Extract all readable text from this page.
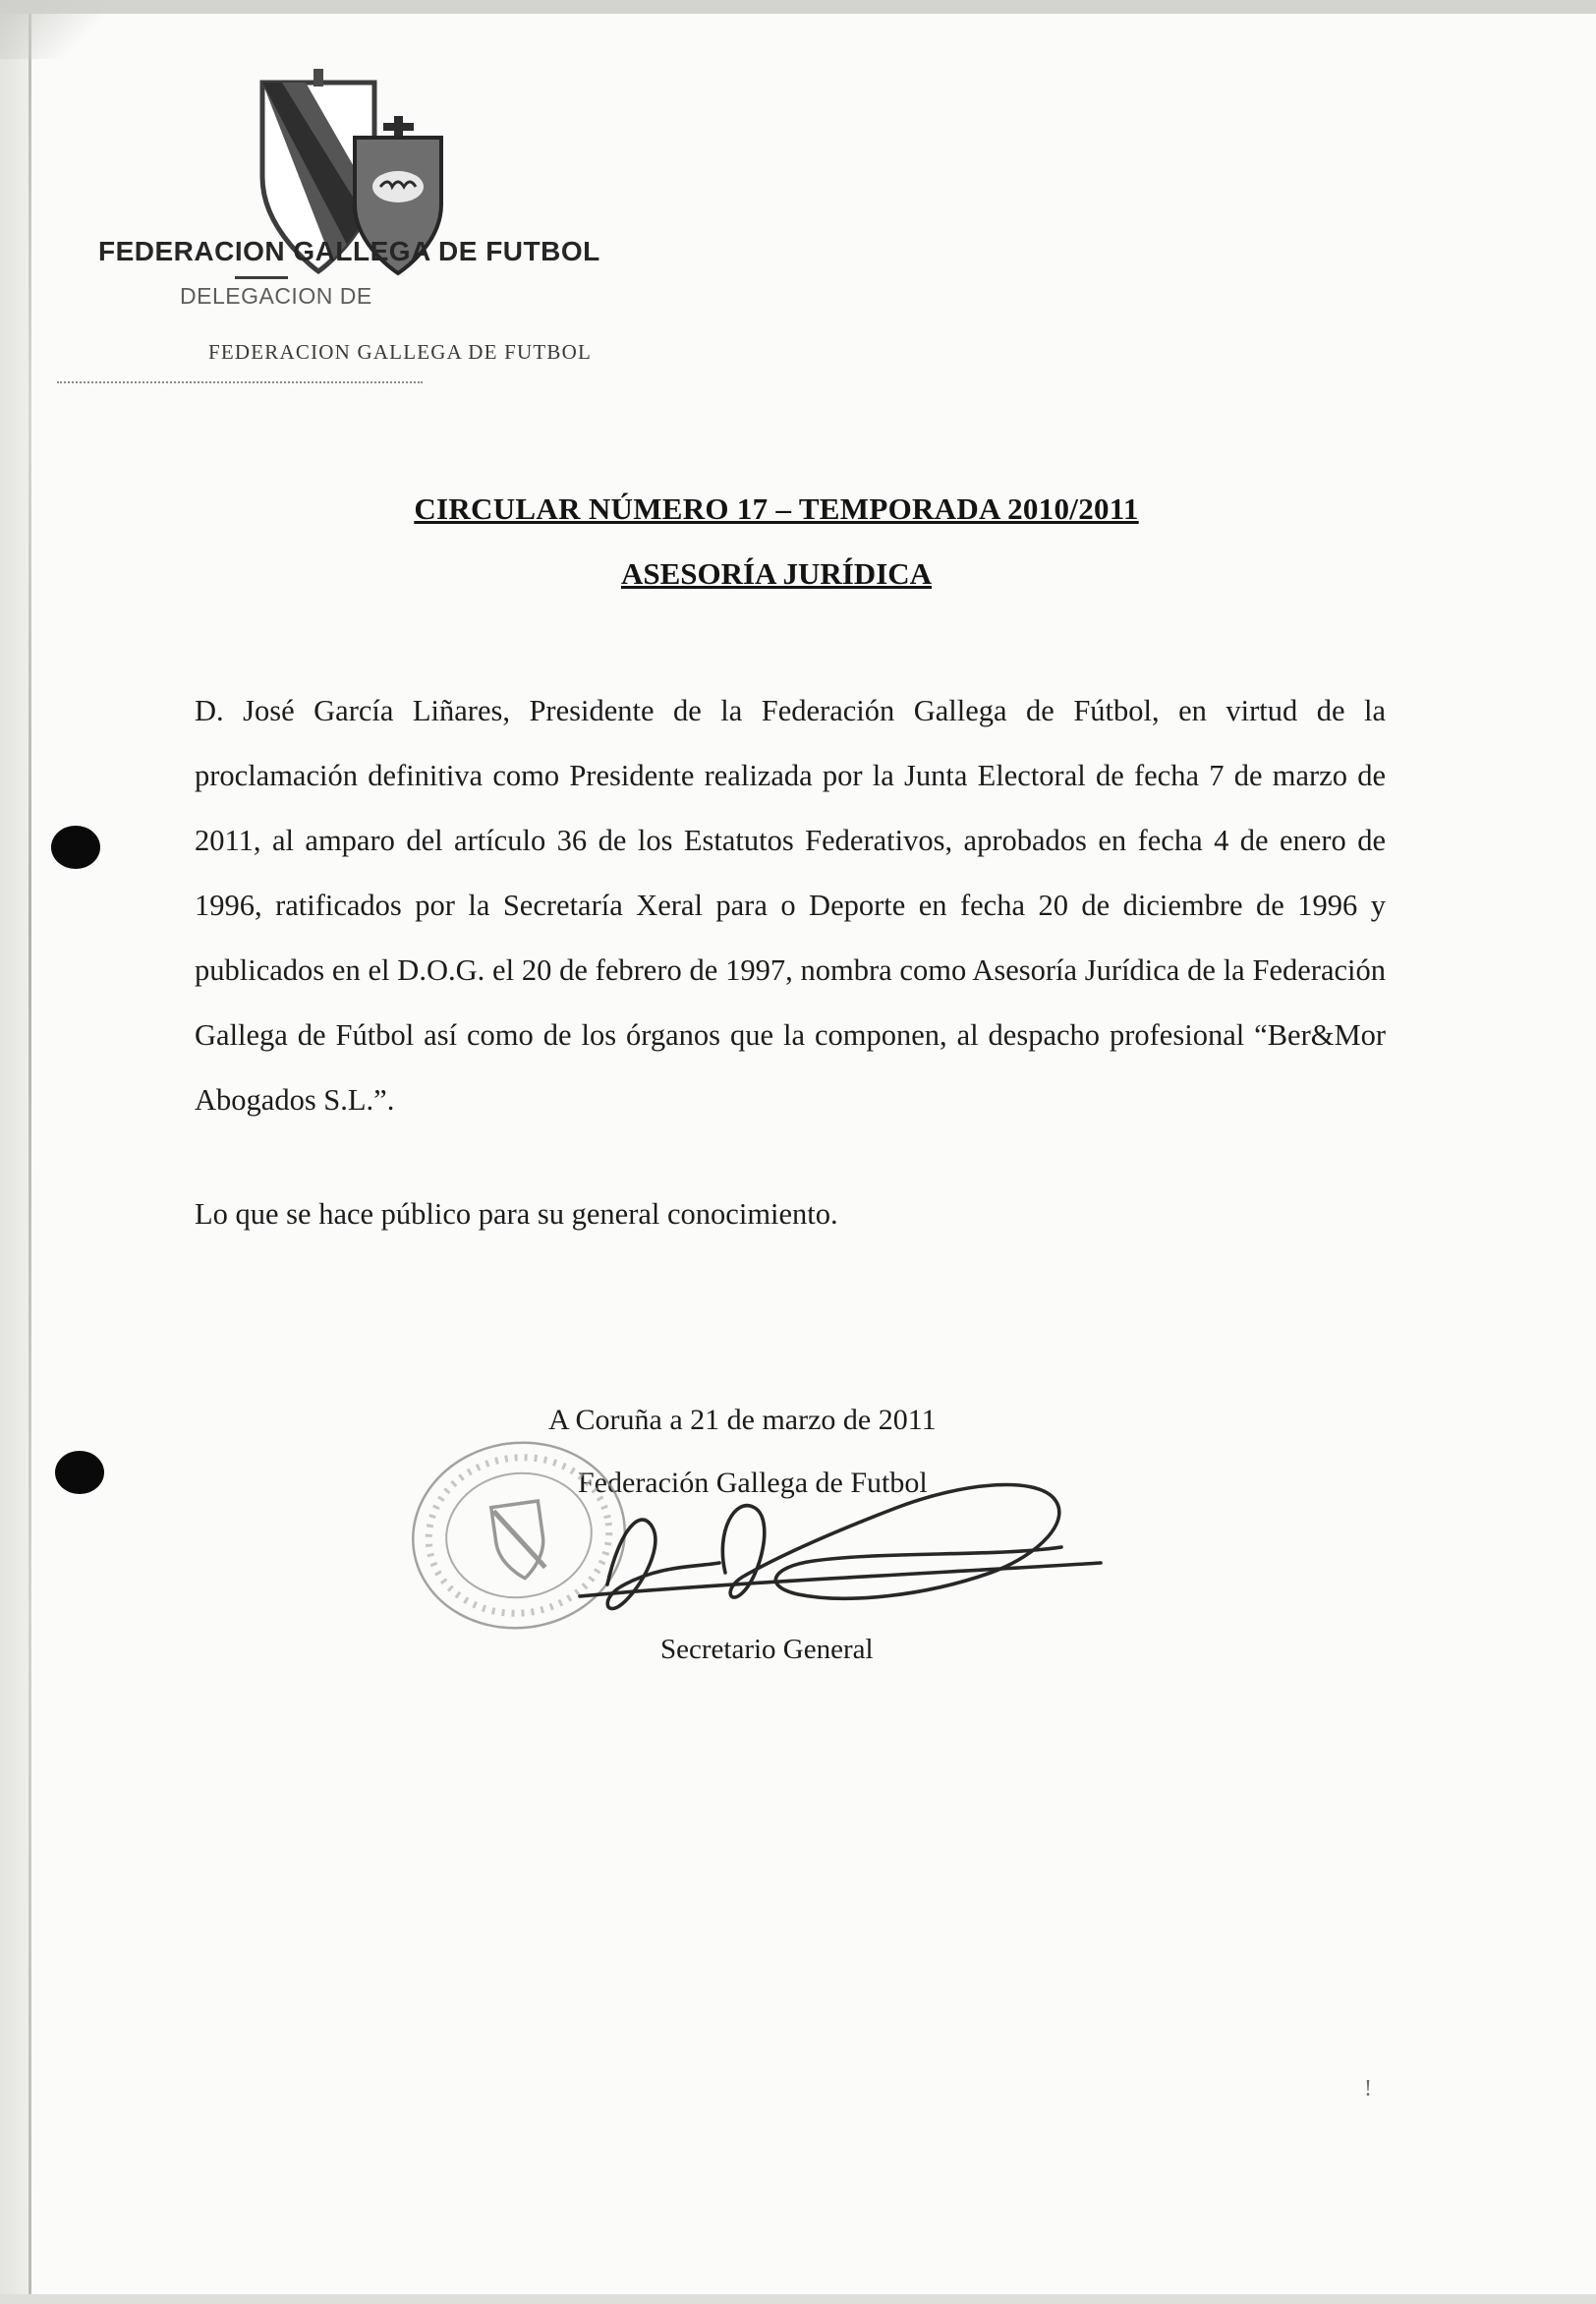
FEDERACION GALLEGA DE FUTBOL
DELEGACION DE
FEDERACION GALLEGA DE FUTBOL
CIRCULAR NÚMERO 17 – TEMPORADA 2010/2011
ASESORÍA JURÍDICA
D. José García Liñares, Presidente de la Federación Gallega de Fútbol, en virtud de la proclamación definitiva como Presidente realizada por la Junta Electoral de fecha 7 de marzo de 2011, al amparo del artículo 36 de los Estatutos Federativos, aprobados en fecha 4 de enero de 1996, ratificados por la Secretaría Xeral para o Deporte en fecha 20 de diciembre de 1996 y publicados en el D.O.G. el 20 de febrero de 1997, nombra como Asesoría Jurídica de la Federación Gallega de Fútbol así como de los órganos que la componen, al despacho profesional “Ber&Mor Abogados S.L.”.
Lo que se hace público para su general conocimiento.
A Coruña a 21 de marzo de 2011
Federación Gallega de Futbol
Secretario General
!
